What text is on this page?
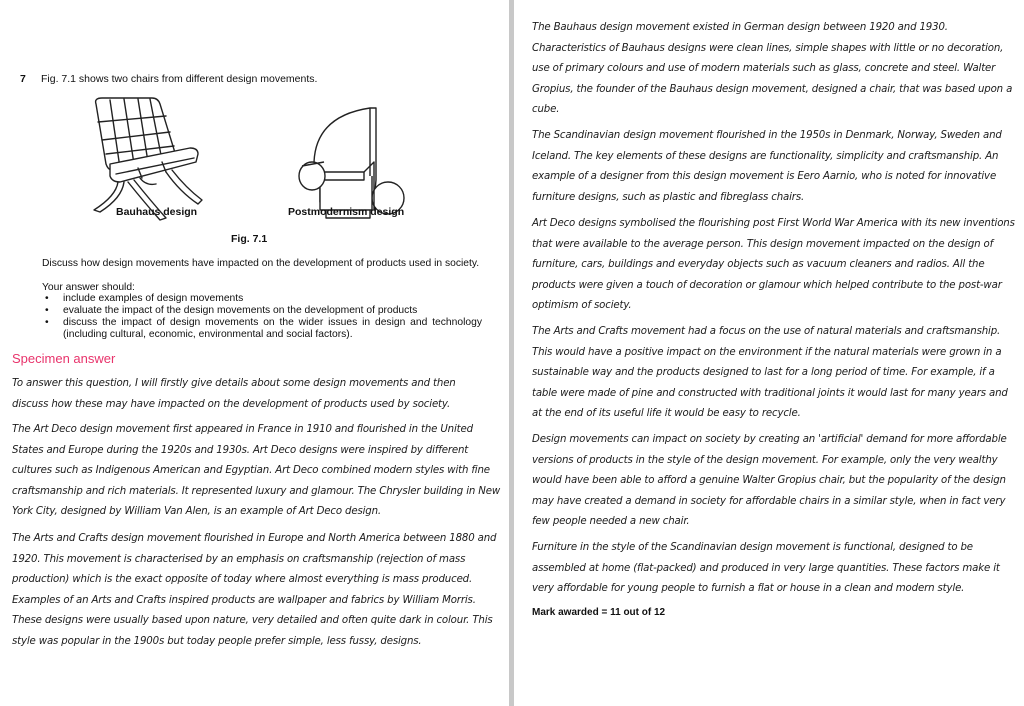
7 Fig. 7.1 shows two chairs from different design movements.
Bauhaus design	Postmodernism design
Fig. 7.1
Discuss how design movements have impacted on the development of products used in society.
Your answer should:
• include examples of design movements
• evaluate the impact of the design movements on the development of products
• discuss the impact of design movements on the wider issues in design and technology (including cultural, economic, environmental and social factors).
Specimen answer

To answer this question, I will firstly give details about some design movements and then discuss how these may have impacted on the development of products used by society.

The Art Deco design movement first appeared in France in 1910 and flourished in the United States and Europe during the 1920s and 1930s. Art Deco designs were inspired by different cultures such as Indigenous American and Egyptian. Art Deco combined modern styles with fine craftsmanship and rich materials. It represented luxury and glamour. The Chrysler building in New York City, designed by William Van Alen, is an example of Art Deco design.

The Arts and Crafts design movement flourished in Europe and North America between 1880 and 1920. This movement is characterised by an emphasis on craftsmanship (rejection of mass production) which is the exact opposite of today where almost everything is mass produced. Examples of an Arts and Crafts inspired products are wallpaper and fabrics by William Morris. These designs were usually based upon nature, very detailed and often quite dark in colour. This style was popular in the 1900s but today people prefer simple, less fussy, designs.

The Bauhaus design movement existed in German design between 1920 and 1930. Characteristics of Bauhaus designs were clean lines, simple shapes with little or no decoration, use of primary colours and use of modern materials such as glass, concrete and steel. Walter Gropius, the founder of the Bauhaus design movement, designed a chair, that was based upon a cube.

The Scandinavian design movement flourished in the 1950s in Denmark, Norway, Sweden and Iceland. The key elements of these designs are functionality, simplicity and craftsmanship. An example of a designer from this design movement is Eero Aarnio, who is noted for innovative furniture designs, such as plastic and fibreglass chairs.

Art Deco designs symbolised the flourishing post First World War America with its new inventions that were available to the average person. This design movement impacted on the design of furniture, cars, buildings and everyday objects such as vacuum cleaners and radios. All the products were given a touch of decoration or glamour which helped contribute to the post-war optimism of society.

The Arts and Crafts movement had a focus on the use of natural materials and craftsmanship. This would have a positive impact on the environment if the natural materials were grown in a sustainable way and the products designed to last for a long period of time. For example, if a table were made of pine and constructed with traditional joints it would last for many years and at the end of its useful life it would be easy to recycle.

Design movements can impact on society by creating an 'artificial' demand for more affordable versions of products in the style of the design movement. For example, only the very wealthy would have been able to afford a genuine Walter Gropius chair, but the popularity of the design may have created a demand in society for affordable chairs in a similar style, when in fact very few people needed a new chair.

Furniture in the style of the Scandinavian design movement is functional, designed to be assembled at home (flat-packed) and produced in very large quantities. These factors make it very affordable for young people to furnish a flat or house in a clean and modern style.

Mark awarded = 11 out of 12
